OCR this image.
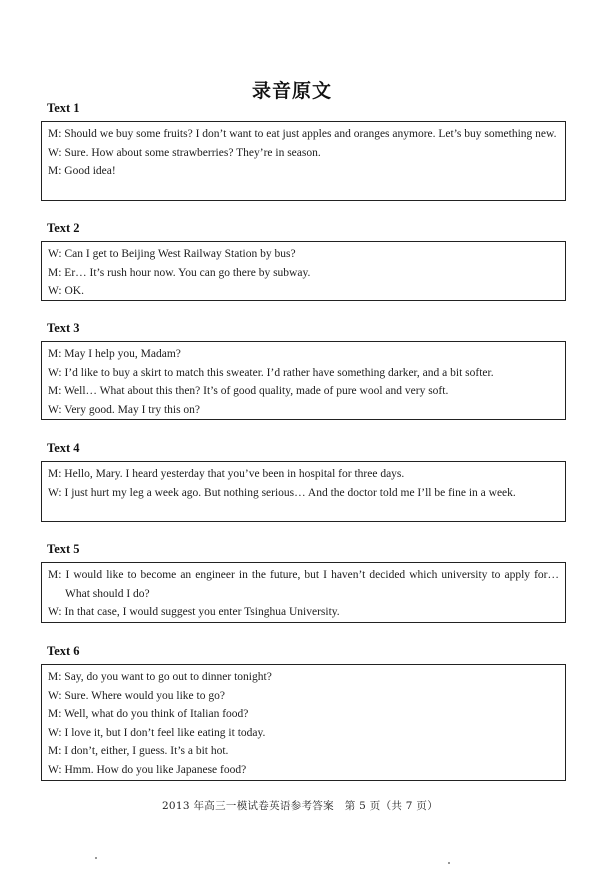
录音原文
Text 1
M: Should we buy some fruits? I don’t want to eat just apples and oranges anymore. Let’s buy something new.
W: Sure. How about some strawberries? They’re in season.
M: Good idea!
Text 2
W: Can I get to Beijing West Railway Station by bus?
M: Er… It’s rush hour now. You can go there by subway.
W: OK.
Text 3
M: May I help you, Madam?
W: I’d like to buy a skirt to match this sweater. I’d rather have something darker, and a bit softer.
M: Well… What about this then? It’s of good quality, made of pure wool and very soft.
W: Very good. May I try this on?
Text 4
M: Hello, Mary. I heard yesterday that you’ve been in hospital for three days.
W: I just hurt my leg a week ago. But nothing serious… And the doctor told me I’ll be fine in a week.
Text 5
M: I would like to become an engineer in the future, but I haven’t decided which university to apply for…What should I do?
W: In that case, I would suggest you enter Tsinghua University.
Text 6
M: Say, do you want to go out to dinner tonight?
W: Sure. Where would you like to go?
M: Well, what do you think of Italian food?
W: I love it, but I don’t feel like eating it today.
M: I don’t, either, I guess. It’s a bit hot.
W: Hmm. How do you like Japanese food?
2013 年高三一模试卷英语参考答案　第 5 页（共 7 页）
